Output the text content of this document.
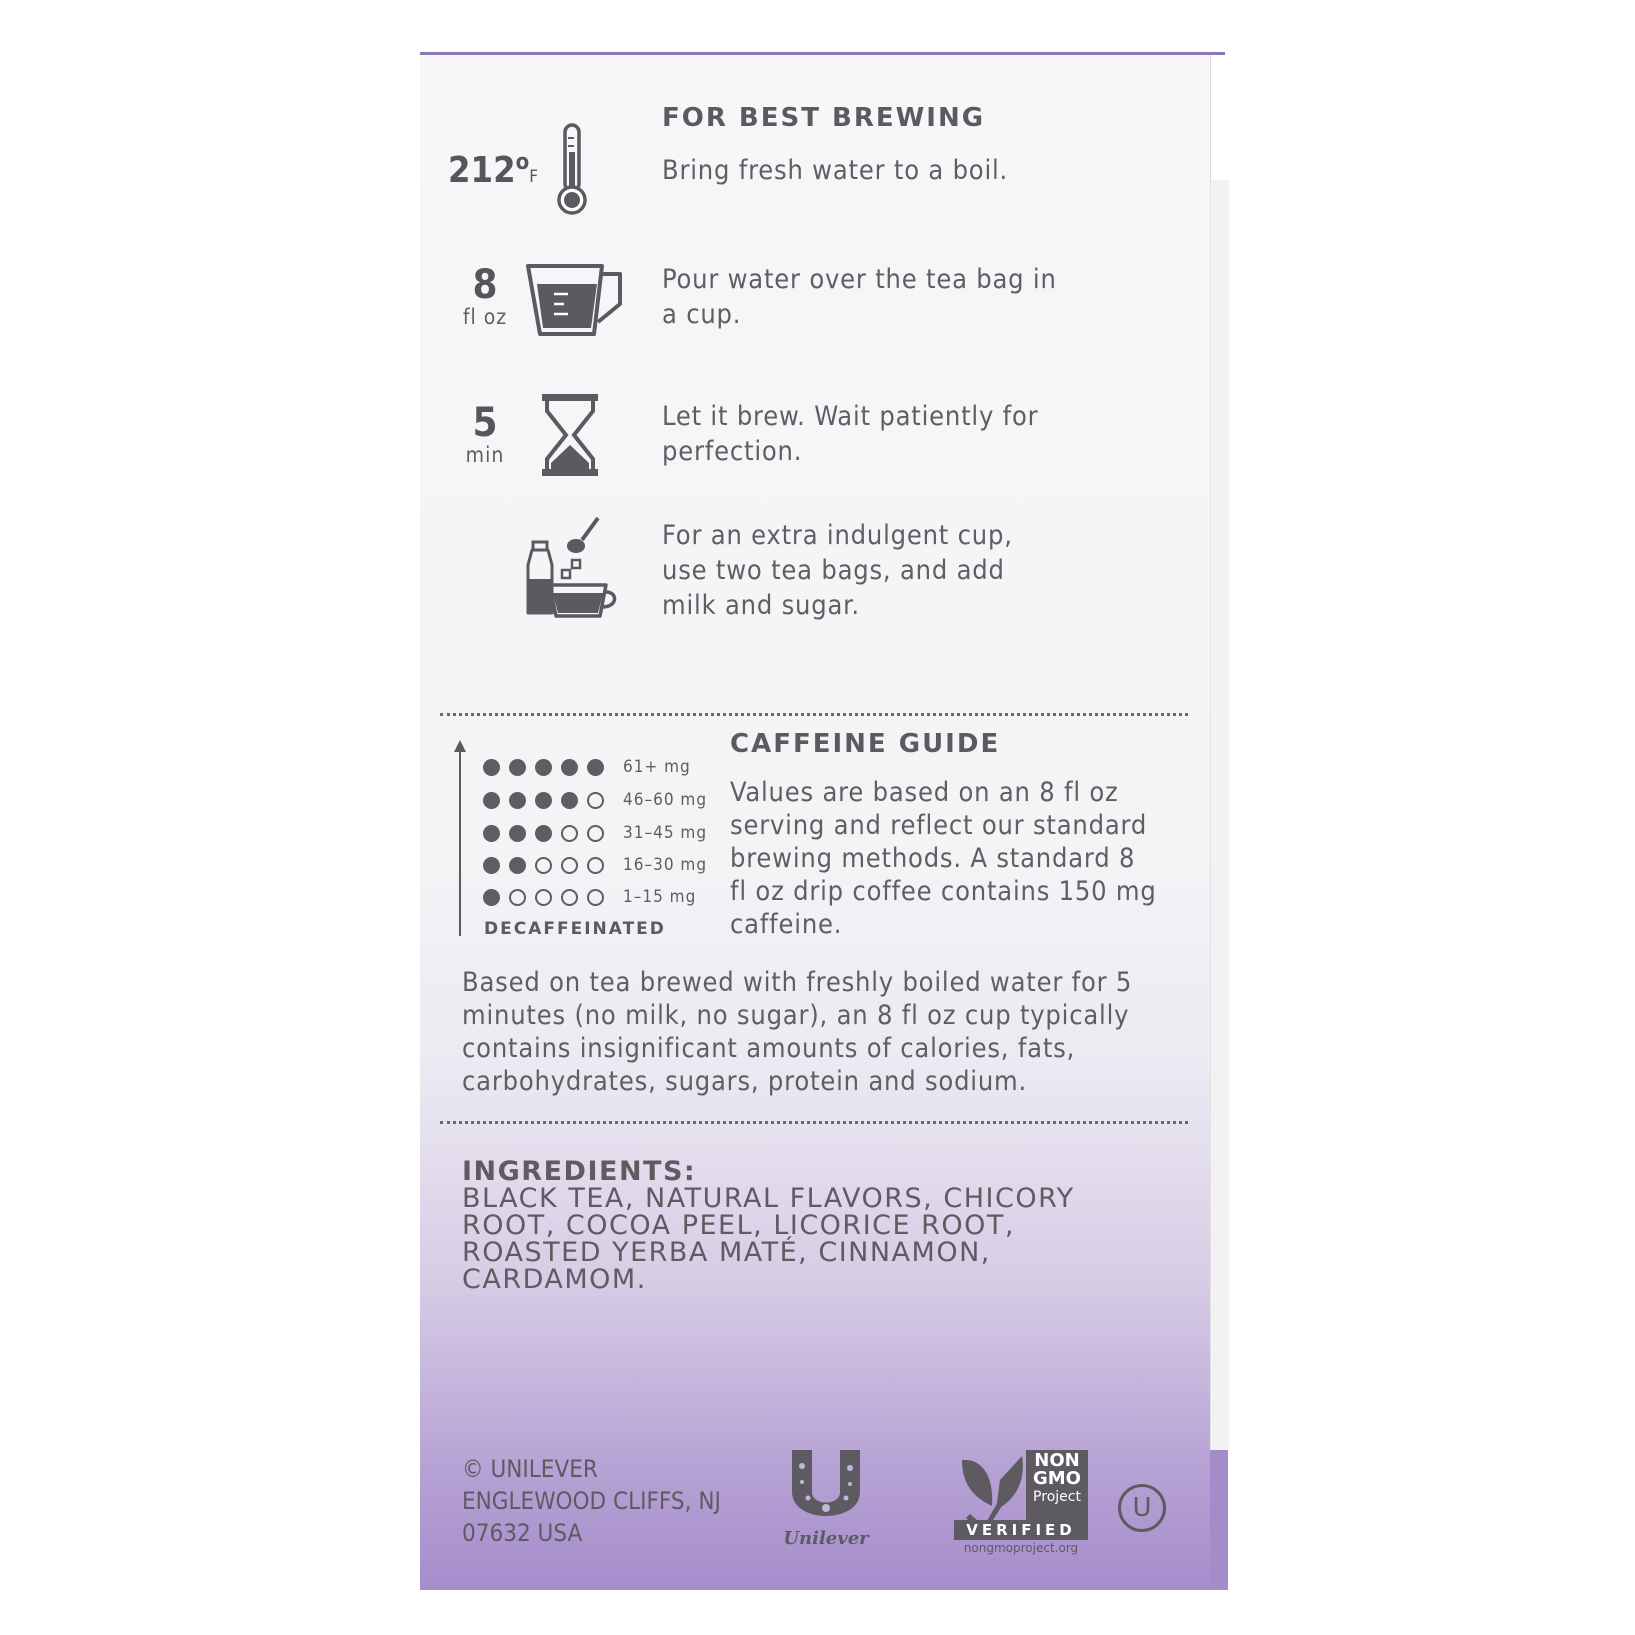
FOR BEST BREWING
212$^o$F	Bring fresh water to a boil.
8
fl oz
Pour water over the tea bag in a cup.
5
min
Let it brew. Wait patiently for perfection.
For an extra indulgent cup, use two tea bags, and add milk and sugar.
61+ mg
46–60 mg
31–45 mg
16–30 mg
1–15 mg
DECAFFEINATED
CAFFEINE GUIDE
Values are based on an 8 fl oz serving and reflect our standard brewing methods. A standard 8 fl oz drip coffee contains 150 mg caffeine.
Based on tea brewed with freshly boiled water for 5 minutes (no milk, no sugar), an 8 fl oz cup typically contains insignificant amounts of calories, fats, carbohydrates, sugars, protein and sodium.
INGREDIENTS:
BLACK TEA, NATURAL FLAVORS, CHICORY ROOT, COCOA PEEL, LICORICE ROOT, ROASTED YERBA MATÉ, CINNAMON, CARDAMOM.
© UNILEVER
ENGLEWOOD CLIFFS, NJ
07632 USA	Unilever
NON
GMO
Project
VERIFIED
nongmoproject.org
U
